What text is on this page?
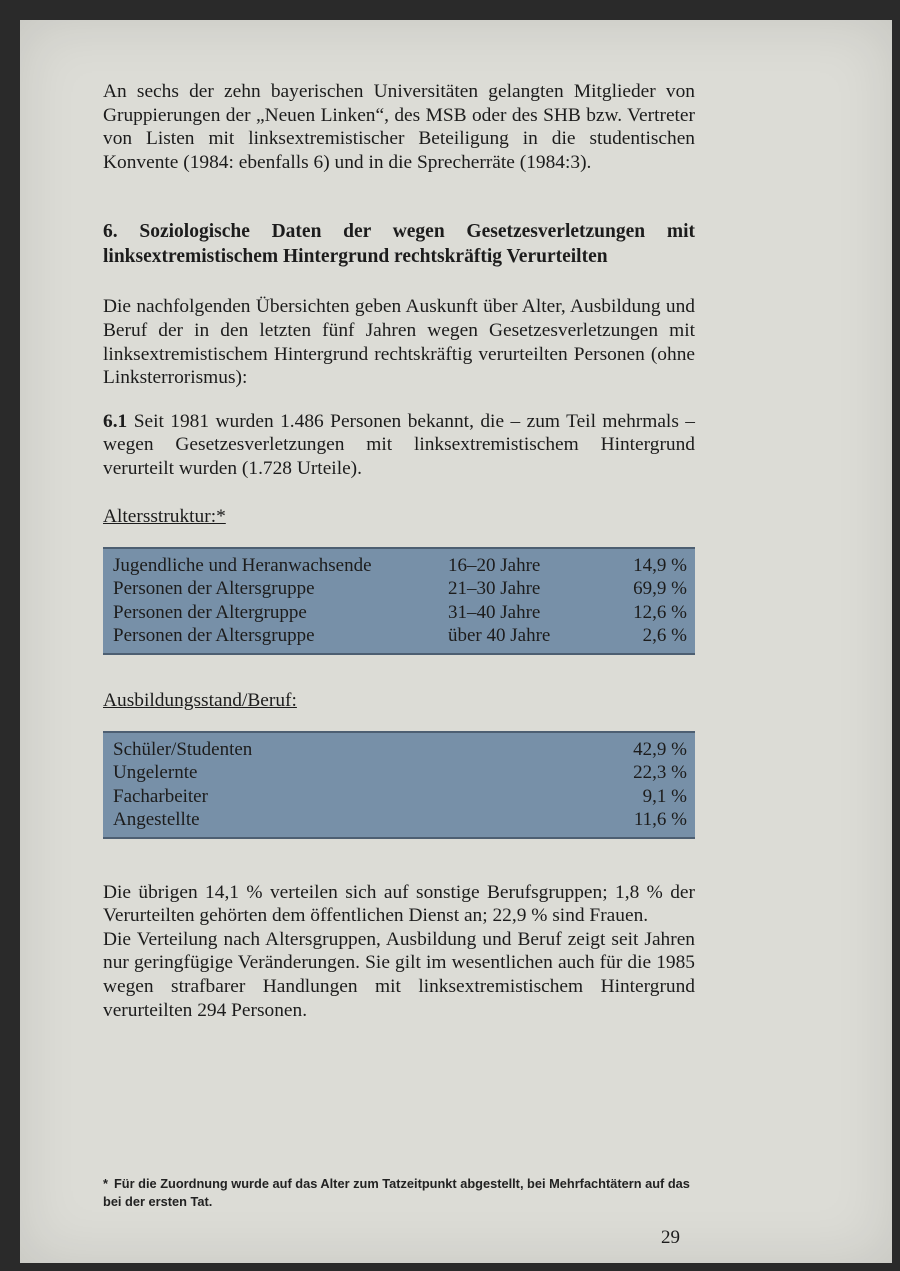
An sechs der zehn bayerischen Universitäten gelangten Mitglieder von Gruppierungen der „Neuen Linken“, des MSB oder des SHB bzw. Vertreter von Listen mit linksextremistischer Beteiligung in die studentischen Konvente (1984: ebenfalls 6) und in die Sprecherräte (1984:3).

6. Soziologische Daten der wegen Gesetzesverletzungen mit linksextremistischem Hintergrund rechtskräftig Verurteilten

Die nachfolgenden Übersichten geben Auskunft über Alter, Ausbildung und Beruf der in den letzten fünf Jahren wegen Gesetzesverletzungen mit linksextremistischem Hintergrund rechtskräftig verurteilten Personen (ohne Linksterrorismus):

6.1 Seit 1981 wurden 1.486 Personen bekannt, die – zum Teil mehrmals – wegen Gesetzesverletzungen mit linksextremistischem Hintergrund verurteilt wurden (1.728 Urteile).

Altersstruktur:*
Jugendliche und Heranwachsende	16–20 Jahre	14,9 %
Personen der Altersgruppe	21–30 Jahre	69,9 %
Personen der Altergruppe	31–40 Jahre	12,6 %
Personen der Altersgruppe	über 40 Jahre	2,6 %
Ausbildungsstand/Beruf:
Schüler/Studenten	42,9 %
Ungelernte	22,3 %
Facharbeiter	9,1 %
Angestellte	11,6 %

Die übrigen 14,1 % verteilen sich auf sonstige Berufsgruppen; 1,8 % der Verurteilten gehörten dem öffentlichen Dienst an; 22,9 % sind Frauen.

Die Verteilung nach Altersgruppen, Ausbildung und Beruf zeigt seit Jahren nur geringfügige Veränderungen. Sie gilt im wesentlichen auch für die 1985 wegen strafbarer Handlungen mit linksextremistischem Hintergrund verurteilten 294 Personen.

* Für die Zuordnung wurde auf das Alter zum Tatzeitpunkt abgestellt, bei Mehrfachtätern auf das bei der ersten Tat.
29
